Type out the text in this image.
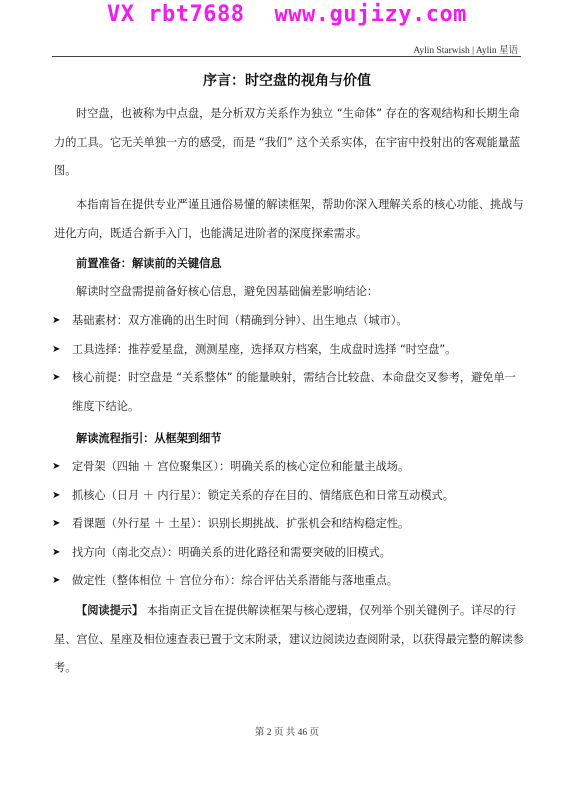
VX rbt7688 www.gujizy.com
Aylin Starwish | Aylin 星语
序言：时空盘的视角与价值

时空盘，也被称为中点盘，是分析双方关系作为独立 “生命体” 存在的客观结构和长期生命力的工具。它无关单独一方的感受，而是 “我们” 这个关系实体，在宇宙中投射出的客观能量蓝图。

本指南旨在提供专业严谨且通俗易懂的解读框架，帮助你深入理解关系的核心功能、挑战与进化方向，既适合新手入门，也能满足进阶者的深度探索需求。

前置准备：解读前的关键信息

解读时空盘需提前备好核心信息，避免因基础偏差影响结论：

➤ 基础素材：双方准确的出生时间（精确到分钟）、出生地点（城市）。
➤ 工具选择：推荐爱星盘，测测星座，选择双方档案，生成盘时选择 “时空盘”。
➤ 核心前提：时空盘是 “关系整体” 的能量映射，需结合比较盘、本命盘交叉参考，避免单一维度下结论。
解读流程指引：从框架到细节
➤ 定骨架（四轴 ＋ 宫位聚集区）：明确关系的核心定位和能量主战场。
➤ 抓核心（日月 ＋ 内行星）：锁定关系的存在目的、情绪底色和日常互动模式。
➤ 看课题（外行星 ＋ 土星）：识别长期挑战、扩张机会和结构稳定性。
➤ 找方向（南北交点）：明确关系的进化路径和需要突破的旧模式。
➤ 做定性（整体相位 ＋ 宫位分布）：综合评估关系潜能与落地重点。

【阅读提示】 本指南正文旨在提供解读框架与核心逻辑，仅列举个别关键例子。详尽的行星、宫位、星座及相位速查表已置于文末附录，建议边阅读边查阅附录，以获得最完整的解读参考。

第 2 页 共 46 页
